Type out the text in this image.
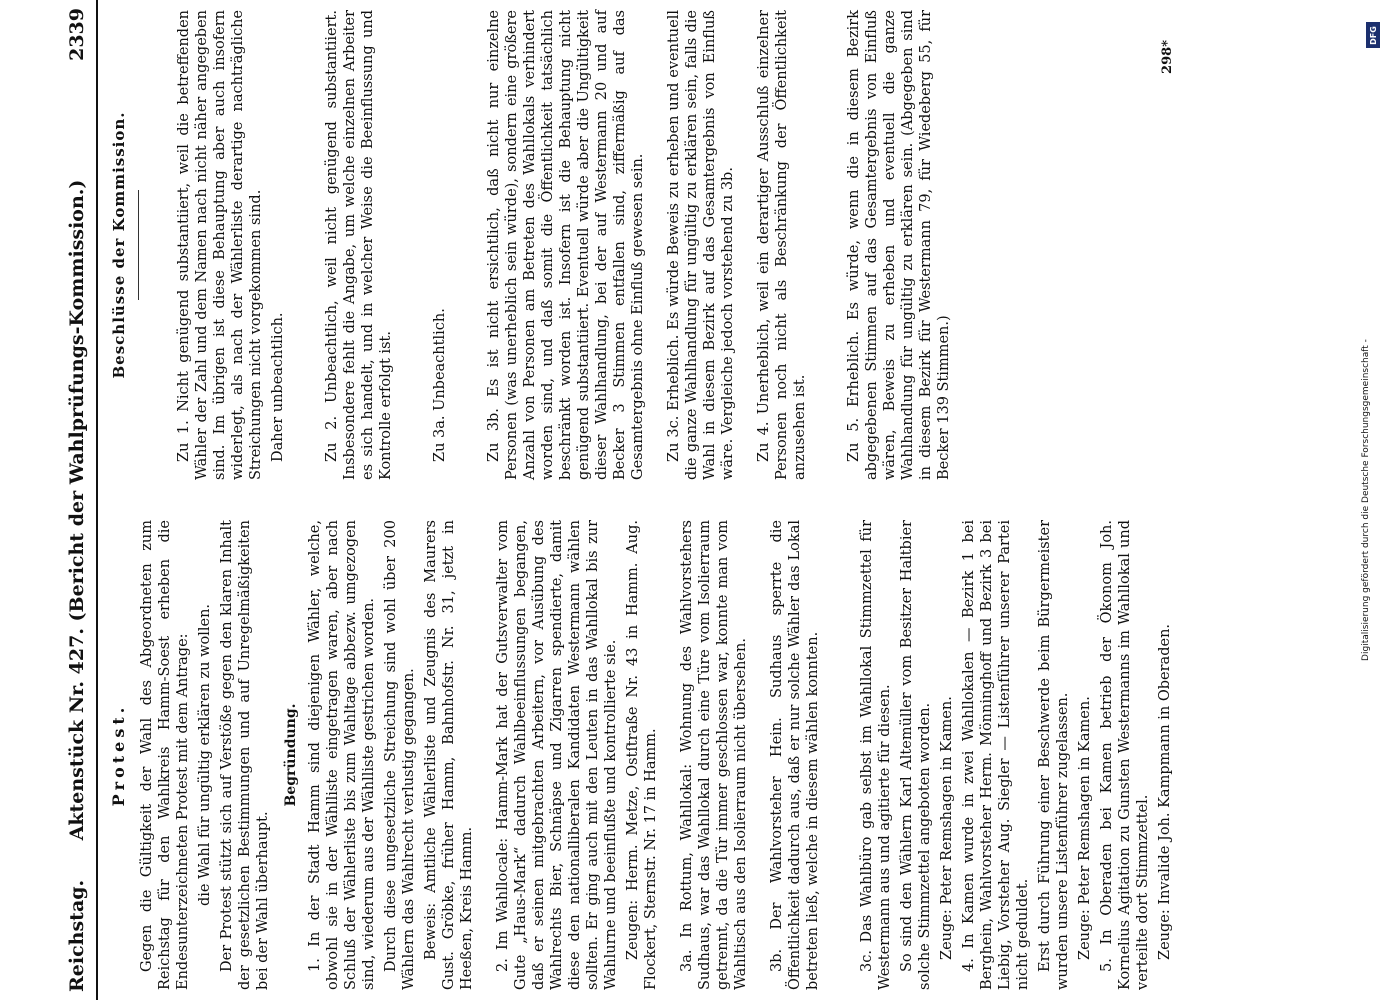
Reichstag.
Aktenstück Nr. 427. (Bericht der Wahlprüfungs-Kommission.)
2339
Protest. Gegen die Gültigkeit der Wahl des Abgeordneten zum Reichstag für den Wahlkreis Hamm-Soest erheben die Endesunterzeichneten Protest mit dem Antrage: die Wahl für ungültig erklären zu wollen. Der Protest stützt sich auf Verstöße gegen den klaren Inhalt der gesetzlichen Bestimmungen und auf Unregelmäßigkeiten bei der Wahl überhaupt.

Begründung. 1. In der Stadt Hamm sind diejenigen Wähler, welche, obwohl sie in der Wählliste eingetragen waren, aber nach Schluß der Wählerliste bis zum Wahltage abbezw. umgezogen sind, wiederum aus der Wählliste gestrichen worden. Durch diese ungesetzliche Streichung sind wohl über 200 Wählern das Wahlrecht verlustig gegangen. Beweis: Amtliche Wählerliste und Zeugnis des Maurers Gust. Gröbke, früher Hamm, Bahnhofstr. Nr. 31, jetzt in Heeßen, Kreis Hamm. 2. Im Wahllocale: Hamm-Mark hat der Gutsverwalter vom Gute „Haus-Mark“ dadurch Wahlbeeinflussungen begangen, daß er seinen mitgebrachten Arbeitern, vor Ausübung des Wahlrechts Bier, Schnäpse und Zigarren spendierte, damit diese den nationalliberalen Kandidaten Westermann wählen sollten. Er ging auch mit den Leuten in das Wahllokal bis zur Wahlurne und beeinflußte und kontrollierte sie. Zeugen: Herm. Metze, Ostſtraße Nr. 43 in Hamm. Aug. Flockert, Sternstr. Nr. 17 in Hamm. 3a. In Rottum, Wahllokal: Wohnung des Wahlvorstehers Sudhaus, war das Wahllokal durch eine Türe vom Isolierraum getrennt, da die Tür immer geschlossen war, konnte man vom Wahltisch aus den Isolierraum nicht übersehen. 3b. Der Wahlvorsteher Hein. Sudhaus sperrte die Öffentlichkeit dadurch aus, daß er nur solche Wähler das Lokal betreten ließ, welche in diesem wählen konnten.	3c. Das Wahlbüro gab selbst im Wahllokal Stimmzettel für Westermann aus und agitierte für diesen. So sind den Wählern Karl Altemüller vom Besitzer Haltbier solche Stimmzettel angeboten worden. Zeuge: Peter Remshagen in Kamen. 4. In Kamen wurde in zwei Wahllokalen — Bezirk 1 bei Berghein, Wahlvorsteher Herm. Mönninghoff und Bezirk 3 bei Liebig, Vorsteher Aug. Siegler — Listenführer unserer Partei nicht geduldet. Erst durch Führung einer Beschwerde beim Bürgermeister wurden unsere Listenführer zugelassen. Zeuge: Peter Remshagen in Kamen. 5. In Oberaden bei Kamen betrieb der Ökonom Joh. Kornelius Agitation zu Gunsten Westermanns im Wahllokal und verteilte dort Stimmzettel. Zeuge: Invalide Joh. Kampmann in Oberaden.

Beschlüsse der Kommission.	Zu 1. Nicht genügend substantiiert, weil die betreffenden Wähler der Zahl und dem Namen nach nicht näher angegeben sind. Im übrigen ist diese Behauptung aber auch insofern widerlegt, als nach der Wählerliste derartige nachträgliche Streichungen nicht vorgekommen sind. Daher unbeachtlich.	Zu 2. Unbeachtlich, weil nicht genügend substantiiert. Insbesondere fehlt die Angabe, um welche einzelnen Arbeiter es sich handelt, und in welcher Weise die Beeinflussung und Kontrolle erfolgt ist.	Zu 3a. Unbeachtlich.	Zu 3b. Es ist nicht ersichtlich, daß nicht nur einzelne Personen (was unerheblich sein würde), sondern eine größere Anzahl von Personen am Betreten des Wahllokals verhindert worden sind, und daß somit die Öffentlichkeit tatsächlich beschränkt worden ist. Insofern ist die Behauptung nicht genügend substantiiert. Eventuell würde aber die Ungültigkeit dieser Wahlhandlung, bei der auf Westermann 20 und auf Becker 3 Stimmen entfallen sind, ziffermäßig auf das Gesamtergebnis ohne Einfluß gewesen sein. Zu 3c. Erheblich. Es würde Beweis zu erheben und eventuell die ganze Wahlhandlung für ungültig zu erklären sein, falls die Wahl in diesem Bezirk auf das Gesamtergebnis von Einfluß wäre. Vergleiche jedoch vorstehend zu 3b. Zu 4. Unerheblich, weil ein derartiger Ausschluß einzelner Personen noch nicht als Beschränkung der Öffentlichkeit anzusehen ist.	Zu 5. Erheblich. Es würde, wenn die in diesem Bezirk abgegebenen Stimmen auf das Gesamtergebnis von Einfluß wären, Beweis zu erheben und eventuell die ganze Wahlhandlung für ungültig zu erklären sein. (Abgegeben sind in diesem Bezirk für Westermann 79, für Wiedeberg 55, für Becker 139 Stimmen.)

298*
DFG
Digitalisierung gefördert durch die Deutsche Forschungsgemeinschaft -
